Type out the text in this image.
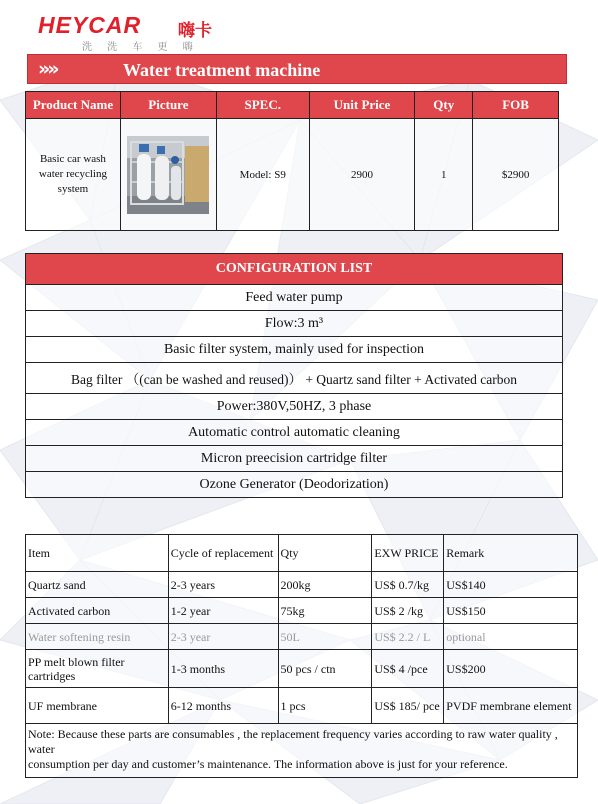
HEYCAR 嗨卡
洗 洗 车 更 嗨
»»	Water treatment machine
Product Name	Picture	SPEC.	Unit Price	Qty	FOB

Basic car wash water recycling system		Model: S9	2900	1	$2900
CONFIGURATION LIST
Feed water pump
Flow:3 m³
Basic filter system, mainly used for inspection
Bag filter （(can be washed and reused)） + Quartz sand filter + Activated carbon
Power:380V,50HZ, 3 phase
Automatic control automatic cleaning
Micron preecision cartridge filter
Ozone Generator (Deodorization)
Item	Cycle of replacement	Qty	EXW PRICE	Remark
Quartz sand	2-3 years	200kg	US$ 0.7/kg	US$140
Activated carbon	1-2 year	75kg	US$ 2 /kg	US$150
Water softening resin	2-3 year	50L	US$ 2.2 / L	optional
PP melt blown filter cartridges	1-3 months	50 pcs / ctn	US$ 4 /pce	US$200
UF membrane	6-12 months	1 pcs	US$ 185/ pce	PVDF membrane element

Note: Because these parts are consumables , the replacement frequency varies according to raw water quality , water
consumption per day and customer’s maintenance. The information above is just for your reference.				
